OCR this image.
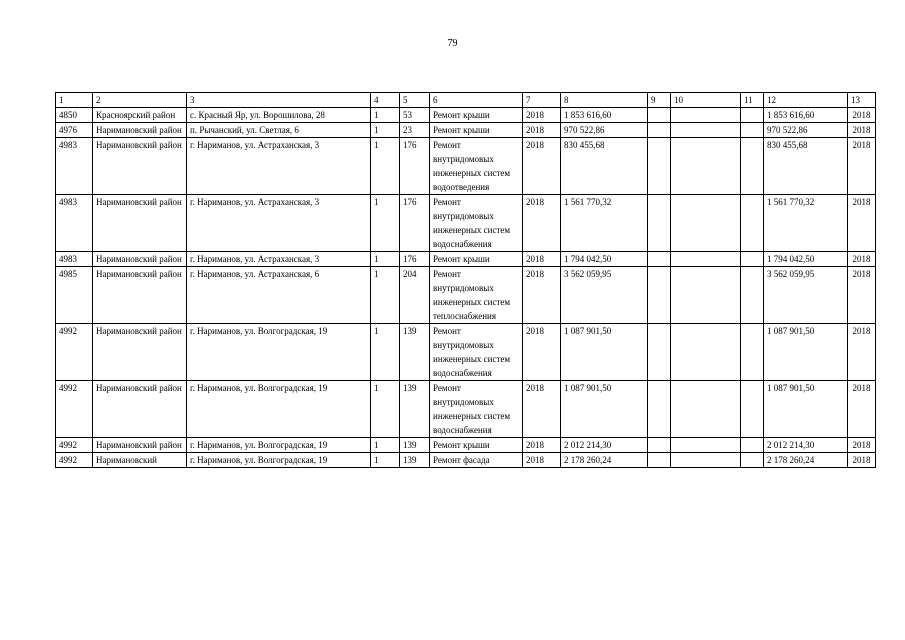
79
1	2	3	4	5	6	7	8	9	10	11	12	13
4850	Красноярский район	с. Красный Яр, ул. Ворошилова, 28	1	53	Ремонт крыши	2018	1 853 616,60				1 853 616,60	2018
4976	Наримановский район	п. Рычанский, ул. Светлая, 6	1	23	Ремонт крыши	2018	970 522,86				970 522,86	2018
4983	Наримановский район	г. Нариманов, ул. Астраханская, 3	1	176	Ремонт внутридомовых инженерных систем водоотведения	2018	830 455,68				830 455,68	2018
4983	Наримановский район	г. Нариманов, ул. Астраханская, 3	1	176	Ремонт внутридомовых инженерных систем водоснабжения	2018	1 561 770,32				1 561 770,32	2018
4983	Наримановский район	г. Нариманов, ул. Астраханская, 3	1	176	Ремонт крыши	2018	1 794 042,50				1 794 042,50	2018
4985	Наримановский район	г. Нариманов, ул. Астраханская, 6	1	204	Ремонт внутридомовых инженерных систем теплоснабжения	2018	3 562 059,95				3 562 059,95	2018
4992	Наримановский район	г. Нариманов, ул. Волгоградская, 19	1	139	Ремонт внутридомовых инженерных систем водоснабжения	2018	1 087 901,50				1 087 901,50	2018
4992	Наримановский район	г. Нариманов, ул. Волгоградская, 19	1	139	Ремонт внутридомовых инженерных систем водоснабжения	2018	1 087 901,50				1 087 901,50	2018
4992	Наримановский район	г. Нариманов, ул. Волгоградская, 19	1	139	Ремонт крыши	2018	2 012 214,30				2 012 214,30	2018
4992	Наримановский	г. Нариманов, ул. Волгоградская, 19	1	139	Ремонт фасада	2018	2 178 260,24				2 178 260,24	2018
